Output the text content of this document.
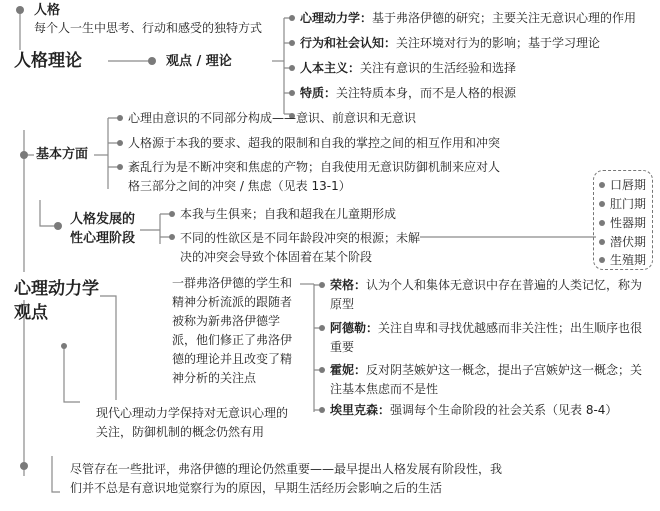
人格
每个人一生中思考、行动和感受的独特方式
人格理论	观点 / 理论
心理动力学：基于弗洛伊德的研究；主要关注无意识心理的作用
行为和社会认知：关注环境对行为的影响；基于学习理论
人本主义：关注有意识的生活经验和选择
特质：关注特质本身，而不是人格的根源
基本方面
心理由意识的不同部分构成——意识、前意识和无意识
人格源于本我的要求、超我的限制和自我的掌控之间的相互作用和冲突
紊乱行为是不断冲突和焦虑的产物；自我使用无意识防御机制来应对人格三部分之间的冲突 / 焦虑（见表 13-1）
人格发展的
性心理阶段
本我与生俱来；自我和超我在儿童期形成
不同的性欲区是不同年龄段冲突的根源；未解决的冲突会导致个体固着在某个阶段
口唇期
肛门期
性器期
潜伏期
生殖期
心理动力学
观点
一群弗洛伊德的学生和精神分析流派的跟随者被称为新弗洛伊德学派，他们修正了弗洛伊德的理论并且改变了精神分析的关注点
荣格：认为个人和集体无意识中存在普遍的人类记忆，称为原型
阿德勒：关注自卑和寻找优越感而非关注性；出生顺序也很重要
霍妮：反对阴茎嫉妒这一概念，提出子宫嫉妒这一概念；关注基本焦虑而不是性
埃里克森：强调每个生命阶段的社会关系（见表 8-4）
现代心理动力学保持对无意识心理的关注，防御机制的概念仍然有用
尽管存在一些批评，弗洛伊德的理论仍然重要——最早提出人格发展有阶段性，我们并不总是有意识地觉察行为的原因，早期生活经历会影响之后的生活
